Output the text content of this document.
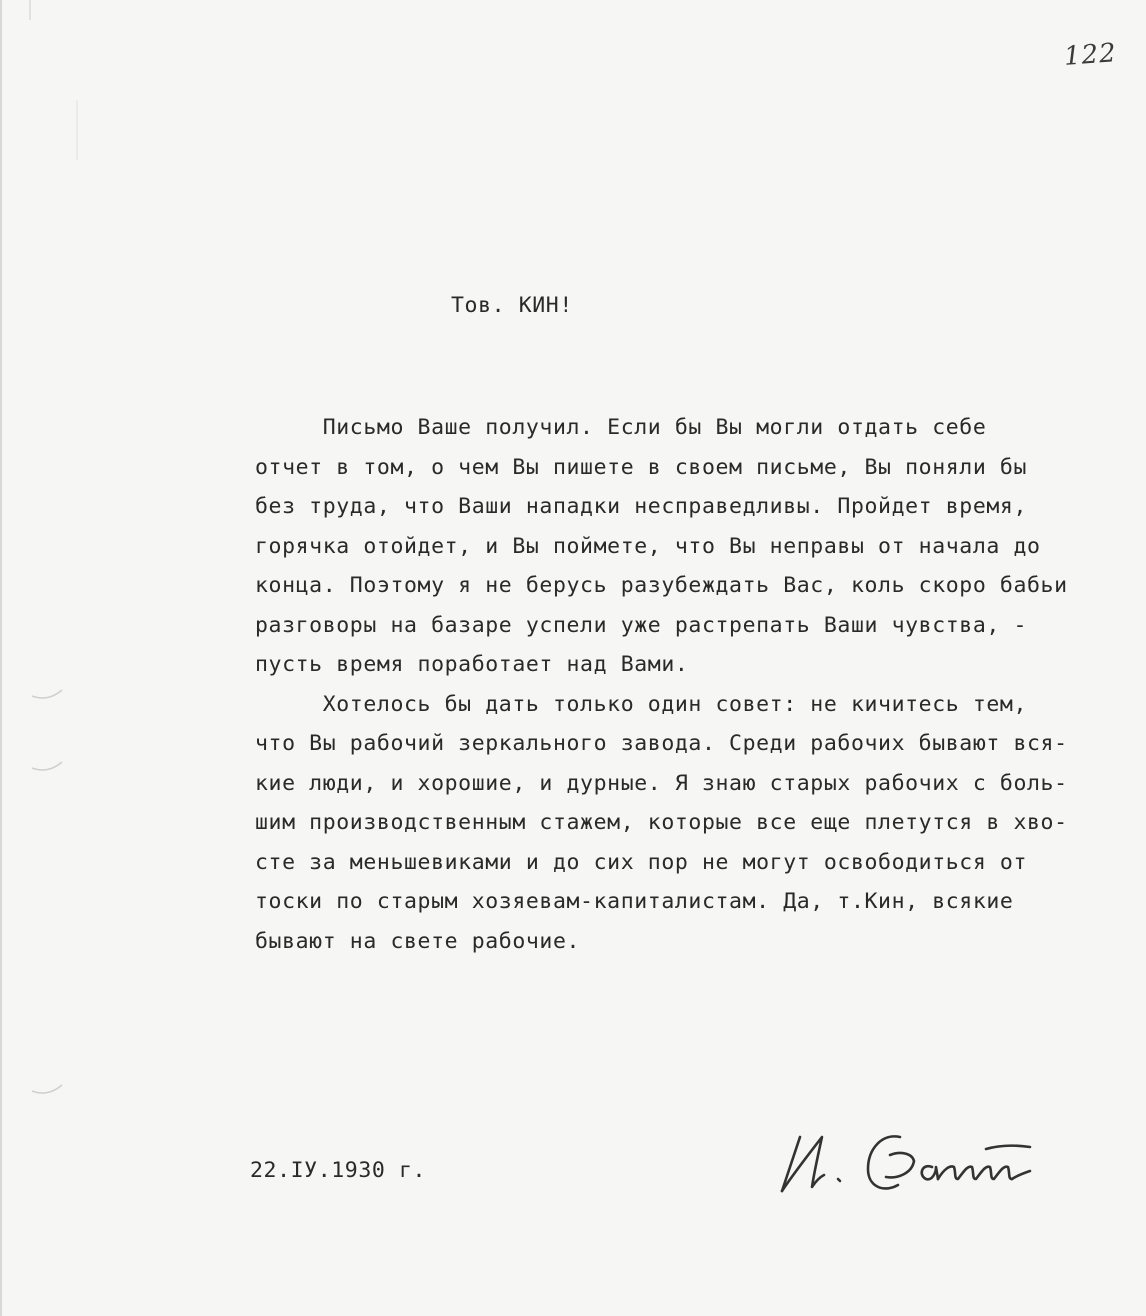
122
Тов. КИН!
Письмо Ваше получил. Если бы Вы могли отдать себе
отчет в том, о чем Вы пишете в своем письме, Вы поняли бы
без труда, что Ваши нападки несправедливы. Пройдет время,
горячка отойдет, и Вы поймете, что Вы неправы от начала до
конца. Поэтому я не берусь разубеждать Вас, коль скоро бабьи
разговоры на базаре успели уже растрепать Ваши чувства, -
пусть время поработает над Вами.
Хотелось бы дать только один совет: не кичитесь тем,
что Вы рабочий зеркального завода. Среди рабочих бывают вся-
кие люди, и хорошие, и дурные. Я знаю старых рабочих с боль-
шим производственным стажем, которые все еще плетутся в хво-
сте за меньшевиками и до сих пор не могут освободиться от
тоски по старым хозяевам-капиталистам. Да, т.Кин, всякие
бывают на свете рабочие.
22.IУ.1930 г.
